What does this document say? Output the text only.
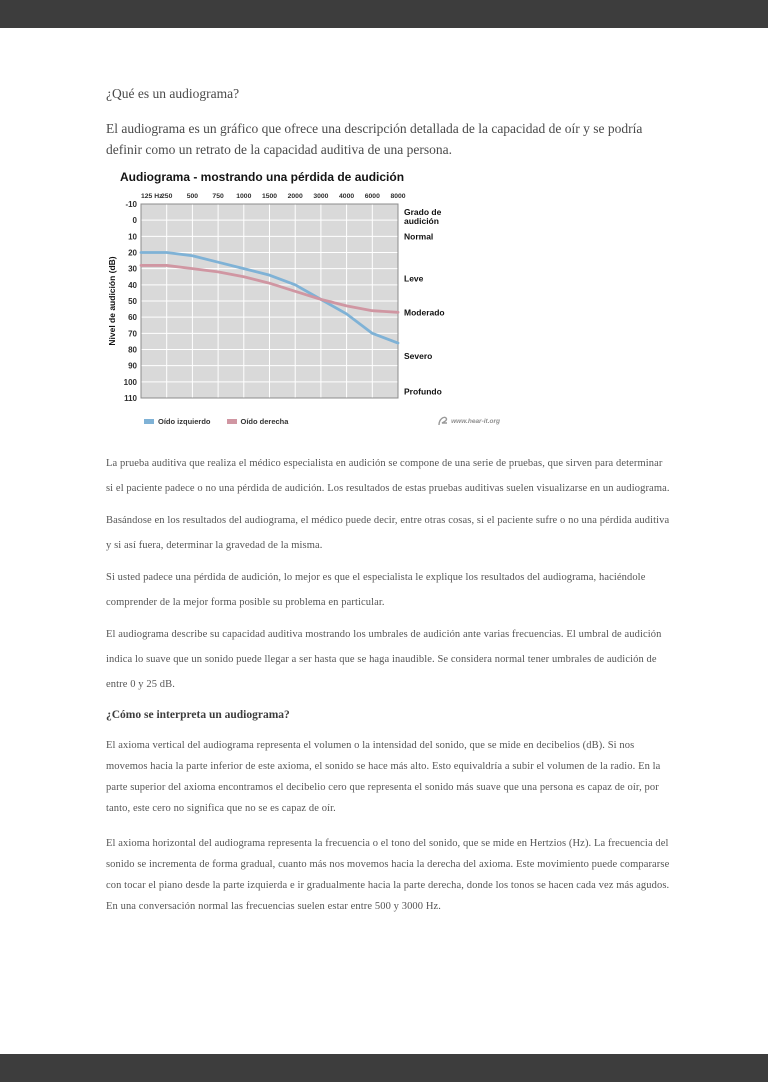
¿Qué es un audiograma?

El audiograma es un gráfico que ofrece una descripción detallada de la capacidad de oír y se podría definir como un retrato de la capacidad auditiva de una persona.

Audiograma - mostrando una pérdida de audición
-10
0
10
20
30
40
50
60
70
80
90
100
110
125 Hz
250 500 750 1000 1500 2000 3000 4000 6000 8000
Grado de audición
Normal
Leve
Moderado
Severo
Profundo
Nivel de audición (dB)
Oído izquierdo	Oído derecha	www.hear-it.org

La prueba auditiva que realiza el médico especialista en audición se compone de una serie de pruebas, que sirven para determinar si el paciente padece o no una pérdida de audición. Los resultados de estas pruebas auditivas suelen visualizarse en un audiograma.

Basándose en los resultados del audiograma, el médico puede decir, entre otras cosas, si el paciente sufre o no una pérdida auditiva y si así fuera, determinar la gravedad de la misma.

Si usted padece una pérdida de audición, lo mejor es que el especialista le explique los resultados del audiograma, haciéndole comprender de la mejor forma posible su problema en particular.

El audiograma describe su capacidad auditiva mostrando los umbrales de audición ante varias frecuencias. El umbral de audición indica lo suave que un sonido puede llegar a ser hasta que se haga inaudible. Se considera normal tener umbrales de audición de entre 0 y 25 dB.

¿Cómo se interpreta un audiograma?

El axioma vertical del audiograma representa el volumen o la intensidad del sonido, que se mide en decibelios (dB). Si nos movemos hacia la parte inferior de este axioma, el sonido se hace más alto. Esto equivaldría a subir el volumen de la radio. En la parte superior del axioma encontramos el decibelio cero que representa el sonido más suave que una persona es capaz de oír, por tanto, este cero no significa que no se es capaz de oír.

El axioma horizontal del audiograma representa la frecuencia o el tono del sonido, que se mide en Hertzios (Hz). La frecuencia del sonido se incrementa de forma gradual, cuanto más nos movemos hacia la derecha del axioma. Este movimiento puede compararse con tocar el piano desde la parte izquierda e ir gradualmente hacia la parte derecha, donde los tonos se hacen cada vez más agudos. En una conversación normal las frecuencias suelen estar entre 500 y 3000 Hz.
